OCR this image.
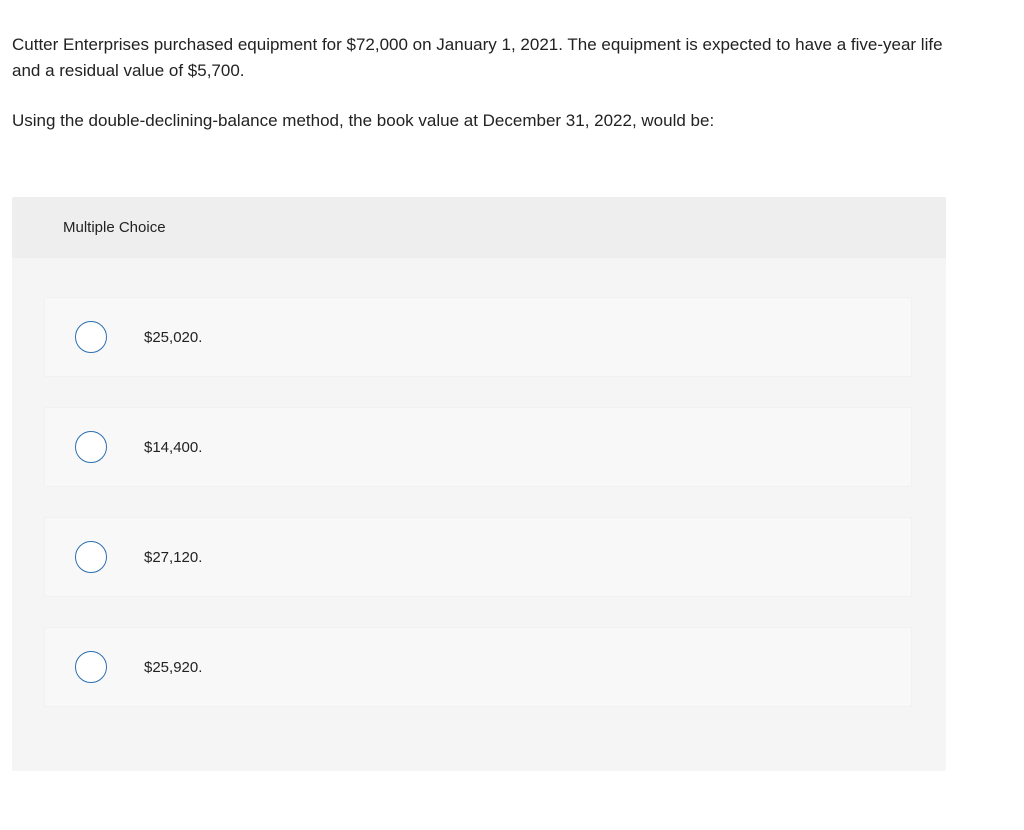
Cutter Enterprises purchased equipment for $72,000 on January 1, 2021. The equipment is expected to have a five-year life and a residual value of $5,700.

Using the double-declining-balance method, the book value at December 31, 2022, would be:

Multiple Choice
$25,020.
$14,400.
$27,120.
$25,920.
